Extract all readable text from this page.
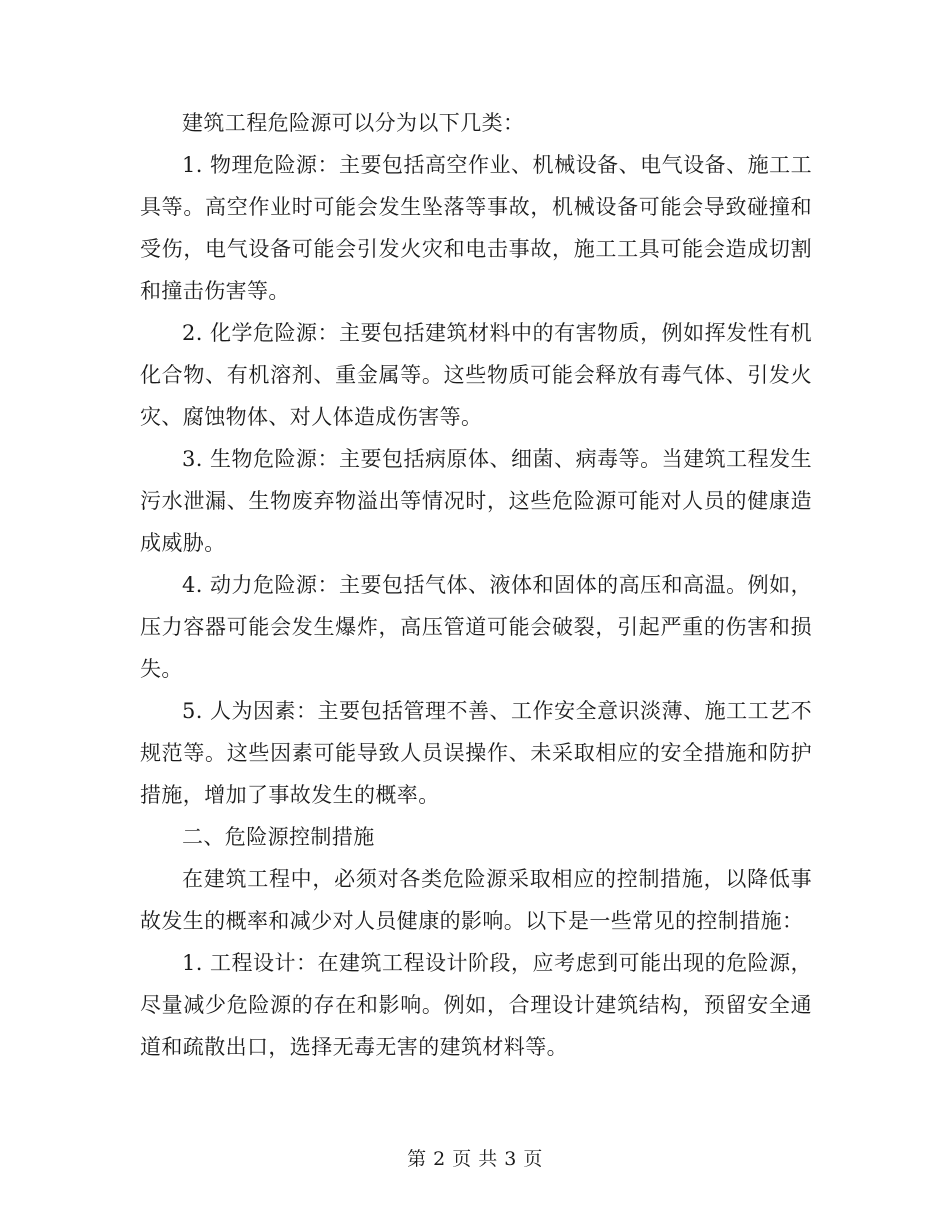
建筑工程危险源可以分为以下几类：

1. 物理危险源：主要包括高空作业、机械设备、电气设备、施工工具等。高空作业时可能会发生坠落等事故，机械设备可能会导致碰撞和受伤，电气设备可能会引发火灾和电击事故，施工工具可能会造成切割和撞击伤害等。

2. 化学危险源：主要包括建筑材料中的有害物质，例如挥发性有机化合物、有机溶剂、重金属等。这些物质可能会释放有毒气体、引发火灾、腐蚀物体、对人体造成伤害等。

3. 生物危险源：主要包括病原体、细菌、病毒等。当建筑工程发生污水泄漏、生物废弃物溢出等情况时，这些危险源可能对人员的健康造成威胁。

4. 动力危险源：主要包括气体、液体和固体的高压和高温。例如，压力容器可能会发生爆炸，高压管道可能会破裂，引起严重的伤害和损失。

5. 人为因素：主要包括管理不善、工作安全意识淡薄、施工工艺不规范等。这些因素可能导致人员误操作、未采取相应的安全措施和防护措施，增加了事故发生的概率。

二、危险源控制措施

在建筑工程中，必须对各类危险源采取相应的控制措施，以降低事故发生的概率和减少对人员健康的影响。以下是一些常见的控制措施：

1. 工程设计：在建筑工程设计阶段，应考虑到可能出现的危险源，尽量减少危险源的存在和影响。例如，合理设计建筑结构，预留安全通道和疏散出口，选择无毒无害的建筑材料等。

第 2 页 共 3 页
